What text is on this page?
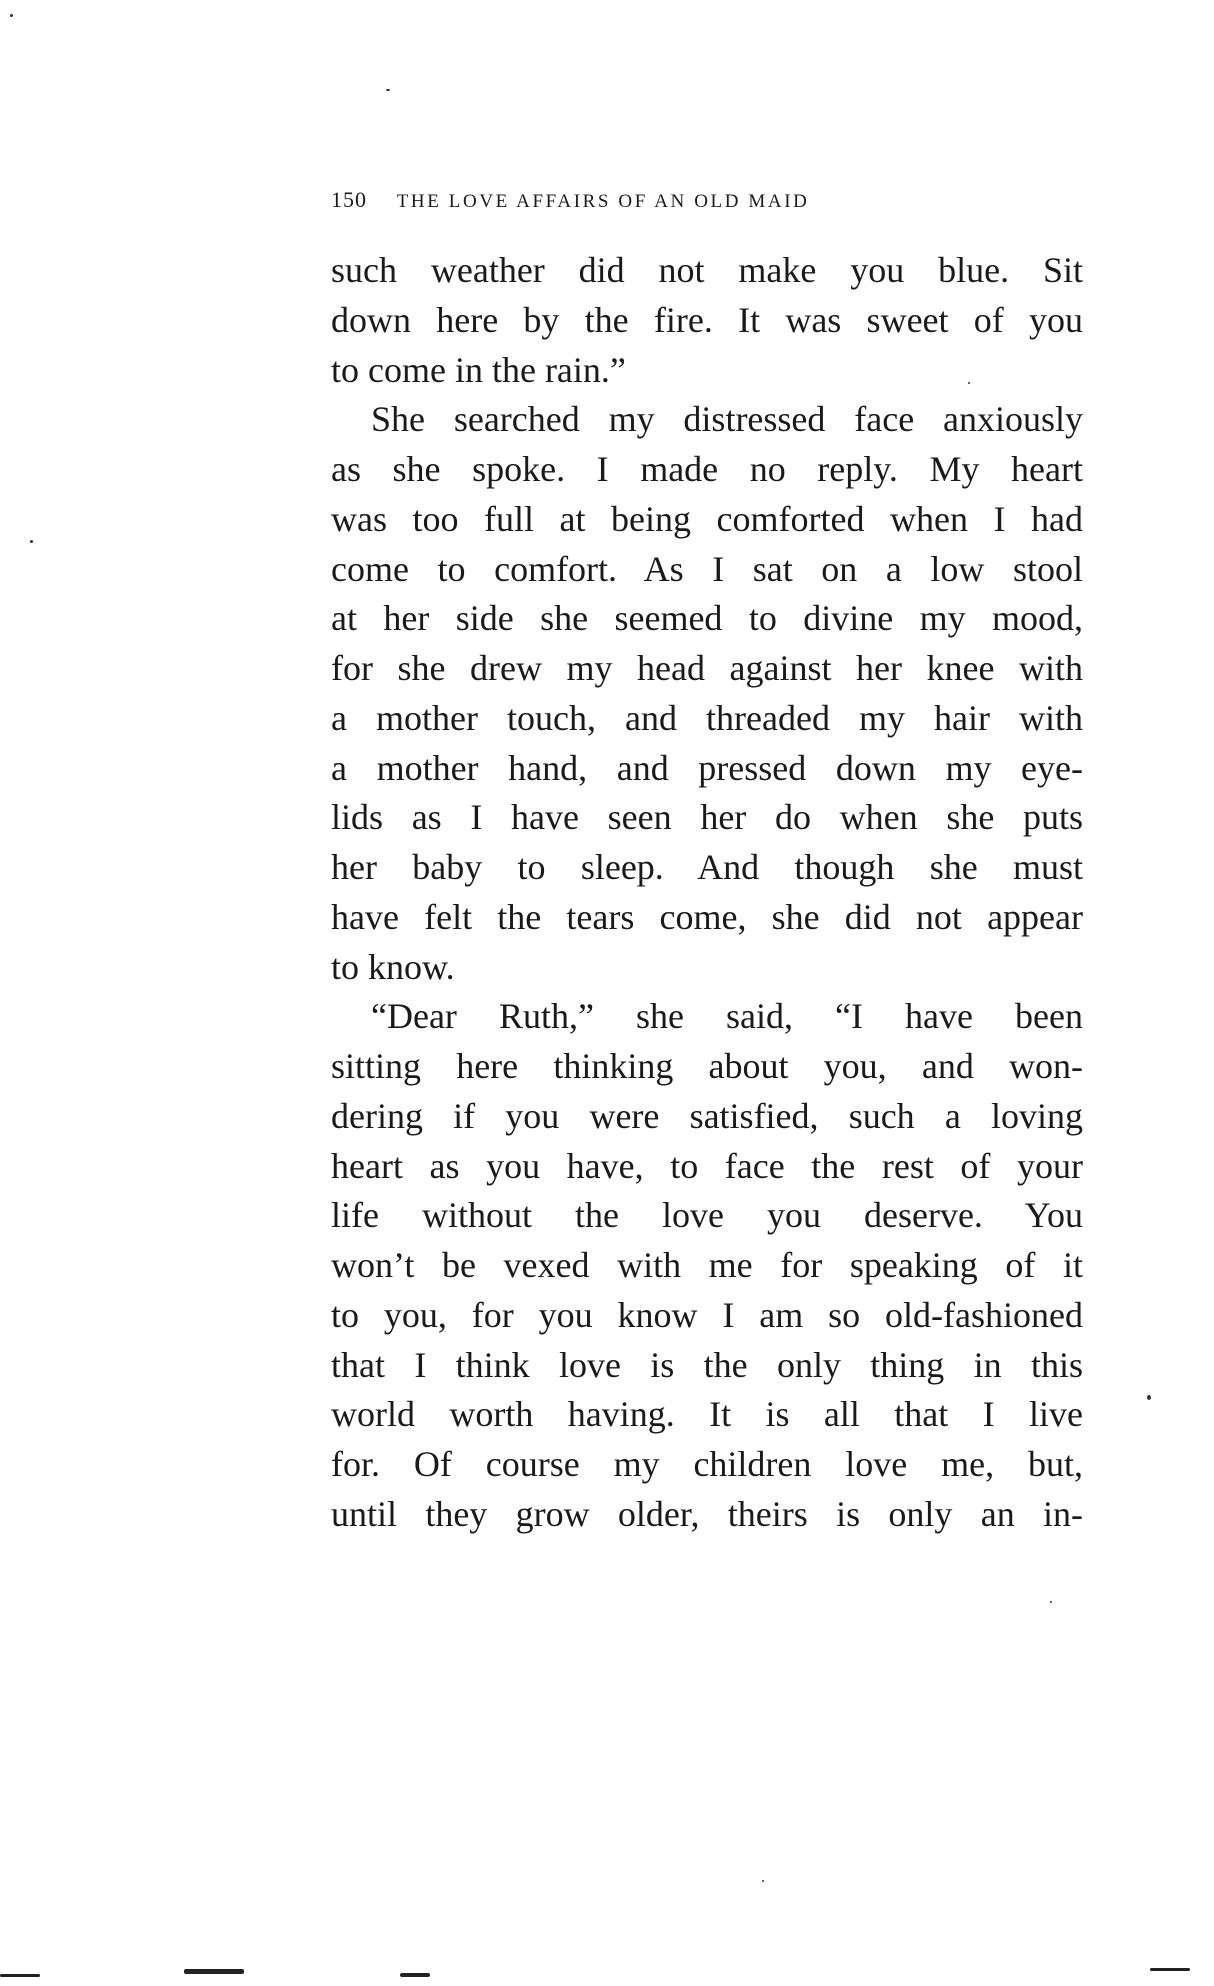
150 THE LOVE AFFAIRS OF AN OLD MAID
such weather did not make you blue. Sit
down here by the fire. It was sweet of you
to come in the rain.”
She searched my distressed face anxiously
as she spoke. I made no reply. My heart
was too full at being comforted when I had
come to comfort. As I sat on a low stool
at her side she seemed to divine my mood,
for she drew my head against her knee with
a mother touch, and threaded my hair with
a mother hand, and pressed down my eye-
lids as I have seen her do when she puts
her baby to sleep. And though she must
have felt the tears come, she did not appear
to know.
“Dear Ruth,” she said, “I have been
sitting here thinking about you, and won-
dering if you were satisfied, such a loving
heart as you have, to face the rest of your
life without the love you deserve. You
won’t be vexed with me for speaking of it
to you, for you know I am so old-fashioned
that I think love is the only thing in this
world worth having. It is all that I live
for. Of course my children love me, but,
until they grow older, theirs is only an in-
